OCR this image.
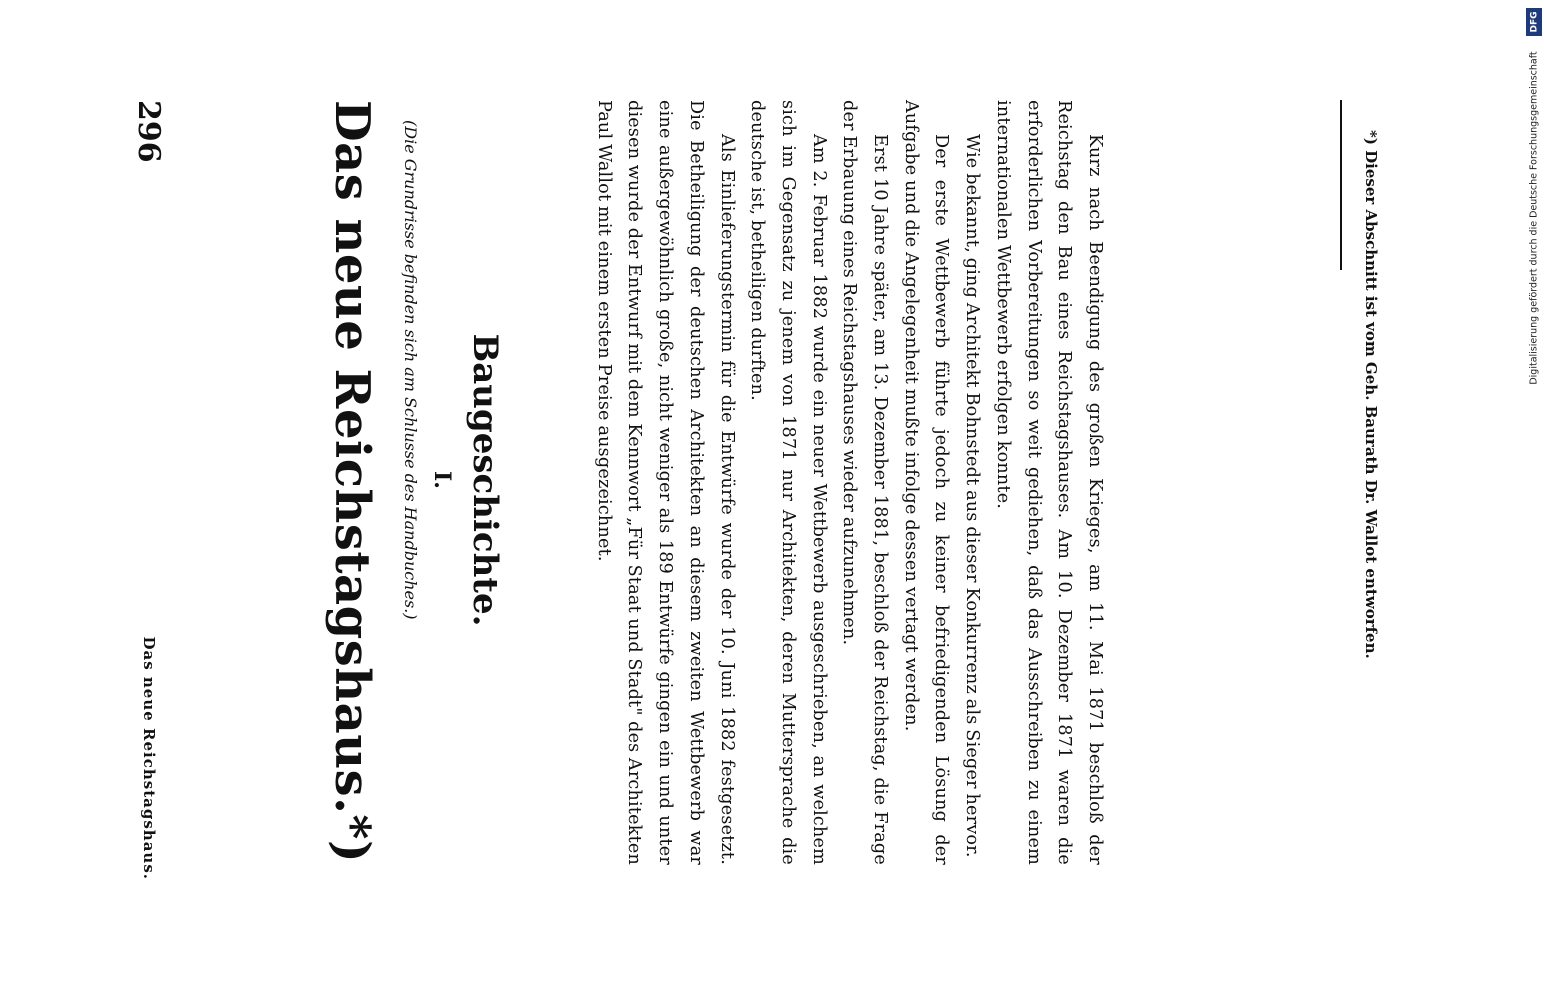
296
Das neue Reichstagshaus.	Das neue Reichstagshaus.*) (Die Grundrisse befinden sich am Schlusse des Handbuches.) I. Baugeschichte.	Kurz nach Beendigung des großen Krieges, am 11. Mai 1871 beschloß der Reichstag den Bau eines Reichstagshauses. Am 10. Dezember 1871 waren die erforderlichen Vorbereitungen so weit gediehen, daß das Ausschreiben zu einem internationalen Wettbewerb erfolgen konnte.

Wie bekannt, ging Architekt Bohnstedt aus dieser Konkurrenz als Sieger hervor.

Der erste Wettbewerb führte jedoch zu keiner befriedigenden Lösung der Aufgabe und die Angelegenheit mußte infolge dessen vertagt werden.

Erst 10 Jahre später, am 13. Dezember 1881, beschloß der Reichstag, die Frage der Erbauung eines Reichstagshauses wieder aufzunehmen.

Am 2. Februar 1882 wurde ein neuer Wettbewerb ausgeschrieben, an welchem sich im Gegensatz zu jenem von 1871 nur Architekten, deren Muttersprache die deutsche ist, betheiligen durften.

Als Einlieferungstermin für die Entwürfe wurde der 10. Juni 1882 festgesetzt. Die Betheiligung der deutschen Architekten an diesem zweiten Wettbewerb war eine außergewöhnlich große, nicht weniger als 189 Entwürfe gingen ein und unter diesen wurde der Entwurf mit dem Kennwort „Für Staat und Stadt" des Architekten Paul Wallot mit einem ersten Preise ausgezeichnet.	*) Dieser Abschnitt ist vom Geh. Baurath Dr. Wallot entworfen.
DFG
Digitalisierung gefördert durch die Deutsche Forschungsgemeinschaft
